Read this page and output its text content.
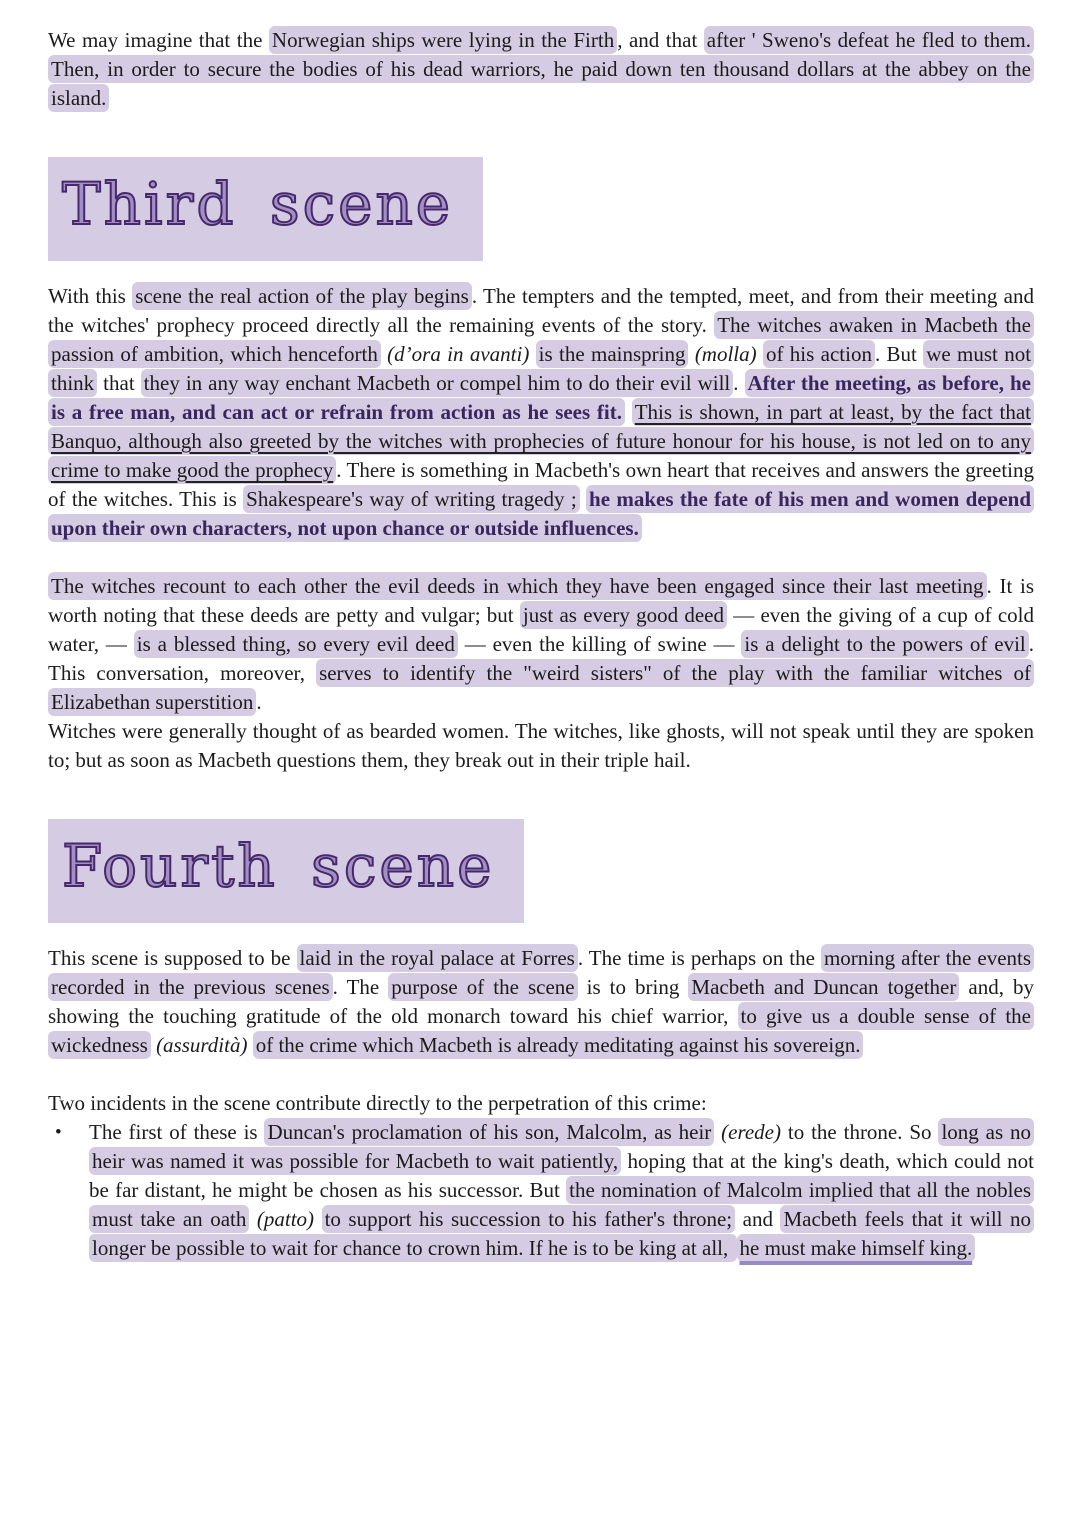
We may imagine that the Norwegian ships were lying in the Firth , and that after ' Sweno's defeat he fled to them. Then, in order to secure the bodies of his dead warriors, he paid down ten thousand dollars at the abbey on the island.

Third scene

With this scene the real action of the play begins . The tempters and the tempted, meet, and from their meeting and the witches' prophecy proceed directly all the remaining events of the story. The witches awaken in Macbeth the passion of ambition, which henceforth (d’ora in avanti) is the mainspring (molla) of his action . But we must not think that they in any way enchant Macbeth or compel him to do their evil will . After the meeting, as before, he is a free man, and can act or refrain from action as he sees fit. This is shown, in part at least, by the fact that Banquo, although also greeted by the witches with prophecies of future honour for his house, is not led on to any crime to make good the prophecy . There is something in Macbeth's own heart that receives and answers the greeting of the witches. This is Shakespeare's way of writing tragedy ; he makes the fate of his men and women depend upon their own characters, not upon chance or outside influences.

The witches recount to each other the evil deeds in which they have been engaged since their last meeting . It is worth noting that these deeds are petty and vulgar; but just as every good deed — even the giving of a cup of cold water, — is a blessed thing, so every evil deed — even the killing of swine — is a delight to the powers of evil . This conversation, moreover, serves to identify the "weird sisters" of the play with the familiar witches of Elizabethan superstition .

Witches were generally thought of as bearded women. The witches, like ghosts, will not speak until they are spoken to; but as soon as Macbeth questions them, they break out in their triple hail.

Fourth scene

This scene is supposed to be laid in the royal palace at Forres . The time is perhaps on the morning after the events recorded in the previous scenes . The purpose of the scene is to bring Macbeth and Duncan together and, by showing the touching gratitude of the old monarch toward his chief warrior, to give us a double sense of the wickedness (assurdità) of the crime which Macbeth is already meditating against his sovereign.

Two incidents in the scene contribute directly to the perpetration of this crime:

•	The first of these is Duncan's proclamation of his son, Malcolm, as heir (erede) to the throne. So long as no heir was named it was possible for Macbeth to wait patiently, hoping that at the king's death, which could not be far distant, he might be chosen as his successor. But the nomination of Malcolm implied that all the nobles must take an oath (patto) to support his succession to his father's throne; and Macbeth feels that it will no longer be possible to wait for chance to crown him. If he is to be king at all, he must make himself king.
